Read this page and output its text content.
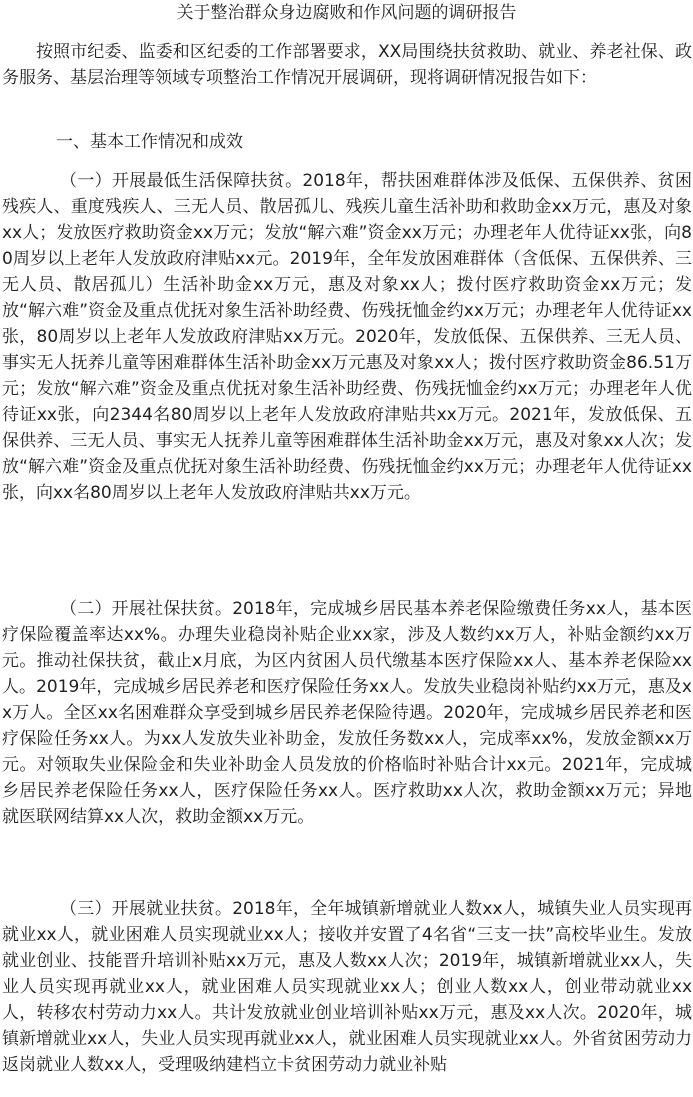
关于整治群众身边腐败和作风问题的调研报告

按照市纪委、监委和区纪委的工作部署要求，XX局围绕扶贫救助、就业、养老社保、政务服务、基层治理等领域专项整治工作情况开展调研，现将调研情况报告如下：

一、基本工作情况和成效

（一）开展最低生活保障扶贫。2018年，帮扶困难群体涉及低保、五保供养、贫困残疾人、重度残疾人、三无人员、散居孤儿、残疾儿童生活补助和救助金xx万元，惠及对象xx人；发放医疗救助资金xx万元；发放“解六难”资金xx万元；办理老年人优待证xx张，向80周岁以上老年人发放政府津贴xx元。2019年，全年发放困难群体（含低保、五保供养、三无人员、散居孤儿）生活补助金xx万元，惠及对象xx人；拨付医疗救助资金xx万元；发放“解六难”资金及重点优抚对象生活补助经费、伤残抚恤金约xx万元；办理老年人优待证xx张，80周岁以上老年人发放政府津贴xx万元。2020年，发放低保、五保供养、三无人员、事实无人抚养儿童等困难群体生活补助金xx万元惠及对象xx人；拨付医疗救助资金86.51万元；发放“解六难”资金及重点优抚对象生活补助经费、伤残抚恤金约xx万元；办理老年人优待证xx张，向2344名80周岁以上老年人发放政府津贴共xx万元。2021年，发放低保、五保供养、三无人员、事实无人抚养儿童等困难群体生活补助金xx万元，惠及对象xx人次；发放“解六难”资金及重点优抚对象生活补助经费、伤残抚恤金约xx万元；办理老年人优待证xx张，向xx名80周岁以上老年人发放政府津贴共xx万元。

（二）开展社保扶贫。2018年，完成城乡居民基本养老保险缴费任务xx人，基本医疗保险覆盖率达xx%。办理失业稳岗补贴企业xx家，涉及人数约xx万人，补贴金额约xx万元。推动社保扶贫，截止x月底，为区内贫困人员代缴基本医疗保险xx人、基本养老保险xx人。2019年，完成城乡居民养老和医疗保险任务xx人。发放失业稳岗补贴约xx万元，惠及xx万人。全区xx名困难群众享受到城乡居民养老保险待遇。2020年，完成城乡居民养老和医疗保险任务xx人。为xx人发放失业补助金，发放任务数xx人，完成率xx%，发放金额xx万元。对领取失业保险金和失业补助金人员发放的价格临时补贴合计xx元。2021年，完成城乡居民养老保险任务xx人，医疗保险任务xx人。医疗救助xx人次，救助金额xx万元；异地就医联网结算xx人次，救助金额xx万元。

（三）开展就业扶贫。2018年，全年城镇新增就业人数xx人，城镇失业人员实现再就业xx人，就业困难人员实现就业xx人；接收并安置了4名省“三支一扶”高校毕业生。发放就业创业、技能晋升培训补贴xx万元，惠及人数xx人次；2019年，城镇新增就业xx人，失业人员实现再就业xx人，就业困难人员实现就业xx人；创业人数xx人，创业带动就业xx人，转移农村劳动力xx人。共计发放就业创业培训补贴xx万元，惠及xx人次。2020年，城镇新增就业xx人，失业人员实现再就业xx人，就业困难人员实现就业xx人。外省贫困劳动力返岗就业人数xx人，受理吸纳建档立卡贫困劳动力就业补贴
